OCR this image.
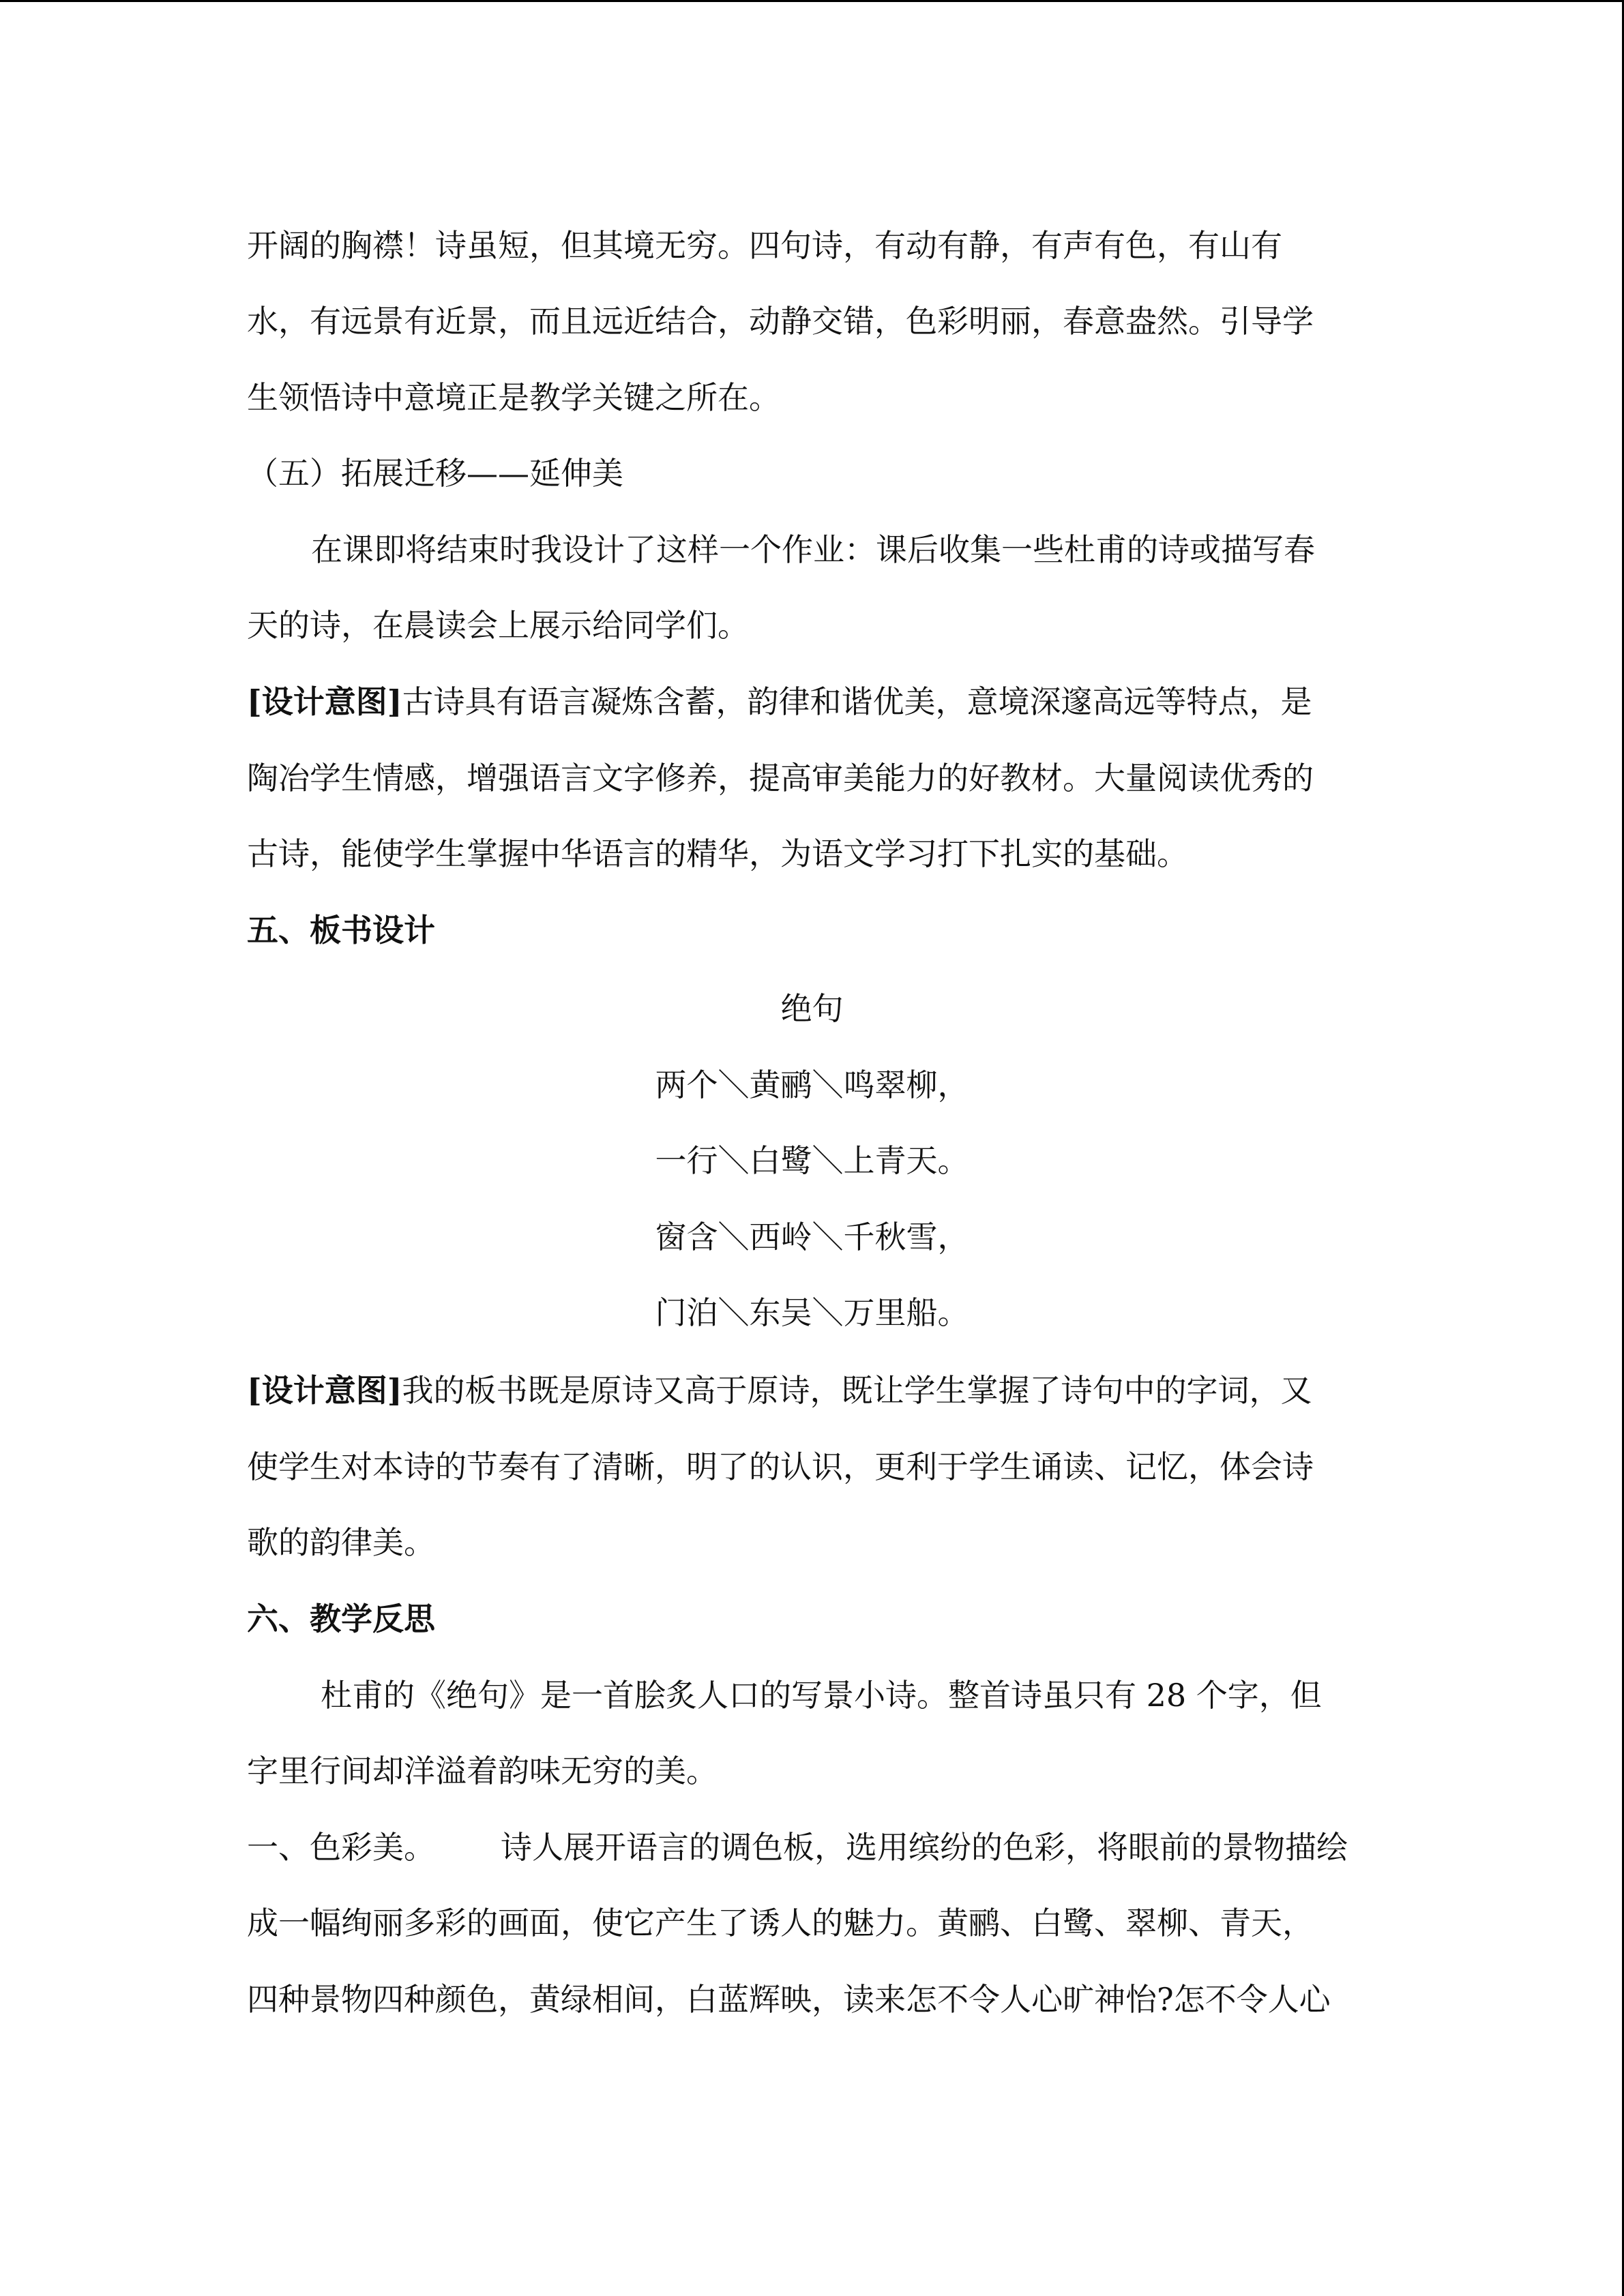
开阔的胸襟！诗虽短，但其境无穷。四句诗，有动有静，有声有色，有山有
水，有远景有近景，而且远近结合，动静交错，色彩明丽，春意盎然。引导学
生领悟诗中意境正是教学关键之所在。
（五）拓展迁移——延伸美
在课即将结束时我设计了这样一个作业：课后收集一些杜甫的诗或描写春
天的诗，在晨读会上展示给同学们。
[设计意图]古诗具有语言凝炼含蓄，韵律和谐优美，意境深邃高远等特点，是
陶冶学生情感，增强语言文字修养，提高审美能力的好教材。大量阅读优秀的
古诗，能使学生掌握中华语言的精华，为语文学习打下扎实的基础。
五、板书设计
绝句
两个＼黄鹂＼鸣翠柳，
一行＼白鹭＼上青天。
窗含＼西岭＼千秋雪，
门泊＼东吴＼万里船。
[设计意图]我的板书既是原诗又高于原诗，既让学生掌握了诗句中的字词，又
使学生对本诗的节奏有了清晰，明了的认识，更利于学生诵读、记忆，体会诗
歌的韵律美。
六、教学反思
杜甫的《绝句》是一首脍炙人口的写景小诗。整首诗虽只有 28 个字，但
字里行间却洋溢着韵味无穷的美。
一、色彩美。 诗人展开语言的调色板，选用缤纷的色彩，将眼前的景物描绘
成一幅绚丽多彩的画面，使它产生了诱人的魅力。黄鹂、白鹭、翠柳、青天，
四种景物四种颜色，黄绿相间，白蓝辉映，读来怎不令人心旷神怡?怎不令人心
